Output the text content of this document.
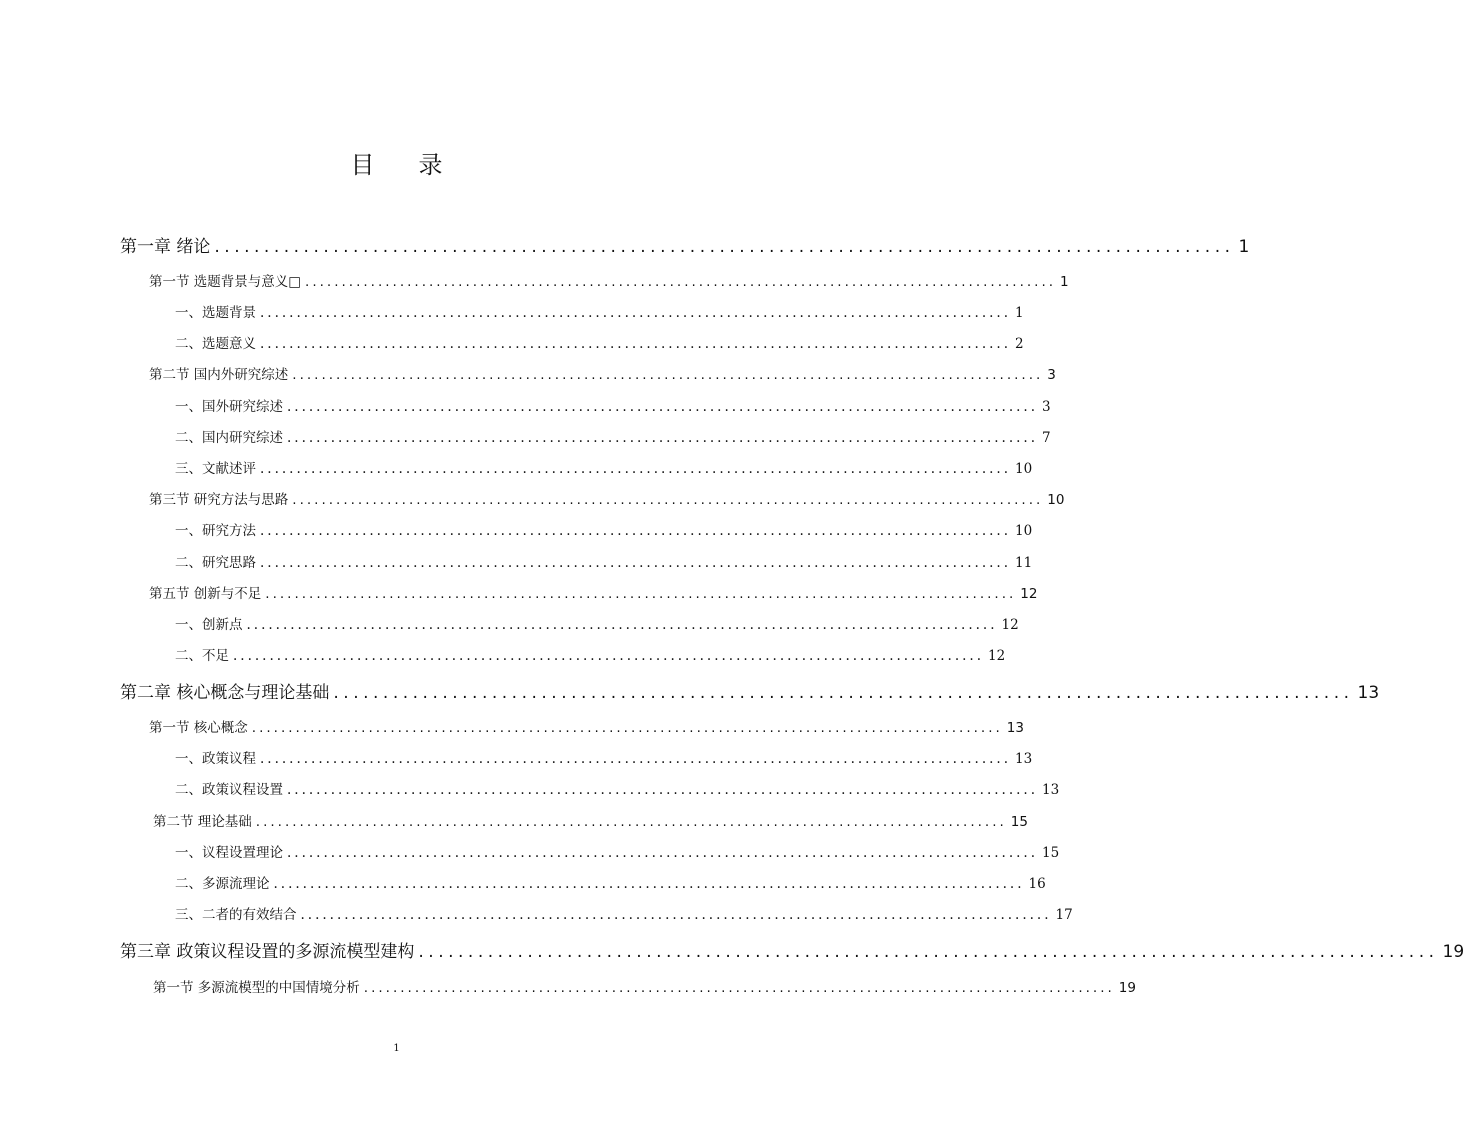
目 录
第一章 绪论 ....................................................................................................... 1
第一节 选题背景与意义□ ....................................................................................................... 1
一、选题背景 ....................................................................................................... 1
二、选题意义 ....................................................................................................... 2
第二节 国内外研究综述 ....................................................................................................... 3
一、国外研究综述 ....................................................................................................... 3
二、国内研究综述 ....................................................................................................... 7
三、文献述评 ....................................................................................................... 10
第三节 研究方法与思路 ....................................................................................................... 10
一、研究方法 ....................................................................................................... 10
二、研究思路 ....................................................................................................... 11
第五节 创新与不足 ....................................................................................................... 12
一、创新点 ....................................................................................................... 12
二、不足 ....................................................................................................... 12
第二章 核心概念与理论基础 ....................................................................................................... 13
第一节 核心概念 ....................................................................................................... 13
一、政策议程 ....................................................................................................... 13
二、政策议程设置 ....................................................................................................... 13
第二节 理论基础 ....................................................................................................... 15
一、议程设置理论 ....................................................................................................... 15
二、多源流理论 ....................................................................................................... 16
三、二者的有效结合 ....................................................................................................... 17
第三章 政策议程设置的多源流模型建构 ....................................................................................................... 19
第一节 多源流模型的中国情境分析 ....................................................................................................... 19
1
